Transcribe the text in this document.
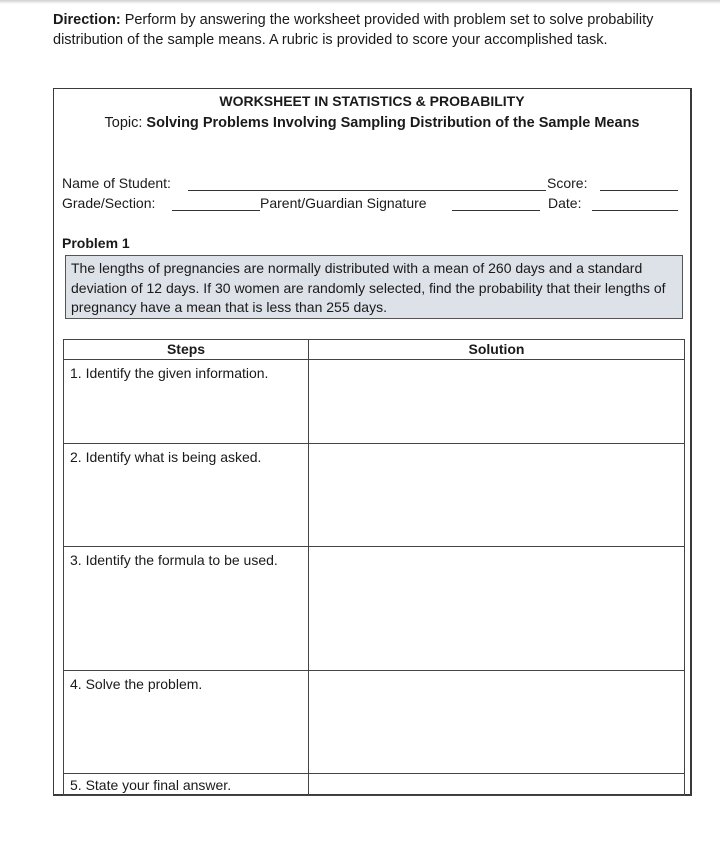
Direction: Perform by answering the worksheet provided with problem set to solve probability distribution of the sample means. A rubric is provided to score your accomplished task.
WORKSHEET IN STATISTICS & PROBABILITY
Topic: Solving Problems Involving Sampling Distribution of the Sample Means
Name of Student:	Score:
Grade/Section:	Parent/Guardian Signature	Date:
Problem 1
The lengths of pregnancies are normally distributed with a mean of 260 days and a standard deviation of 12 days. If 30 women are randomly selected, find the probability that their lengths of pregnancy have a mean that is less than 255 days.
Steps	Solution
1. Identify the given information.	
2. Identify what is being asked.	
3. Identify the formula to be used.	
4. Solve the problem.	
5. State your final answer.	
